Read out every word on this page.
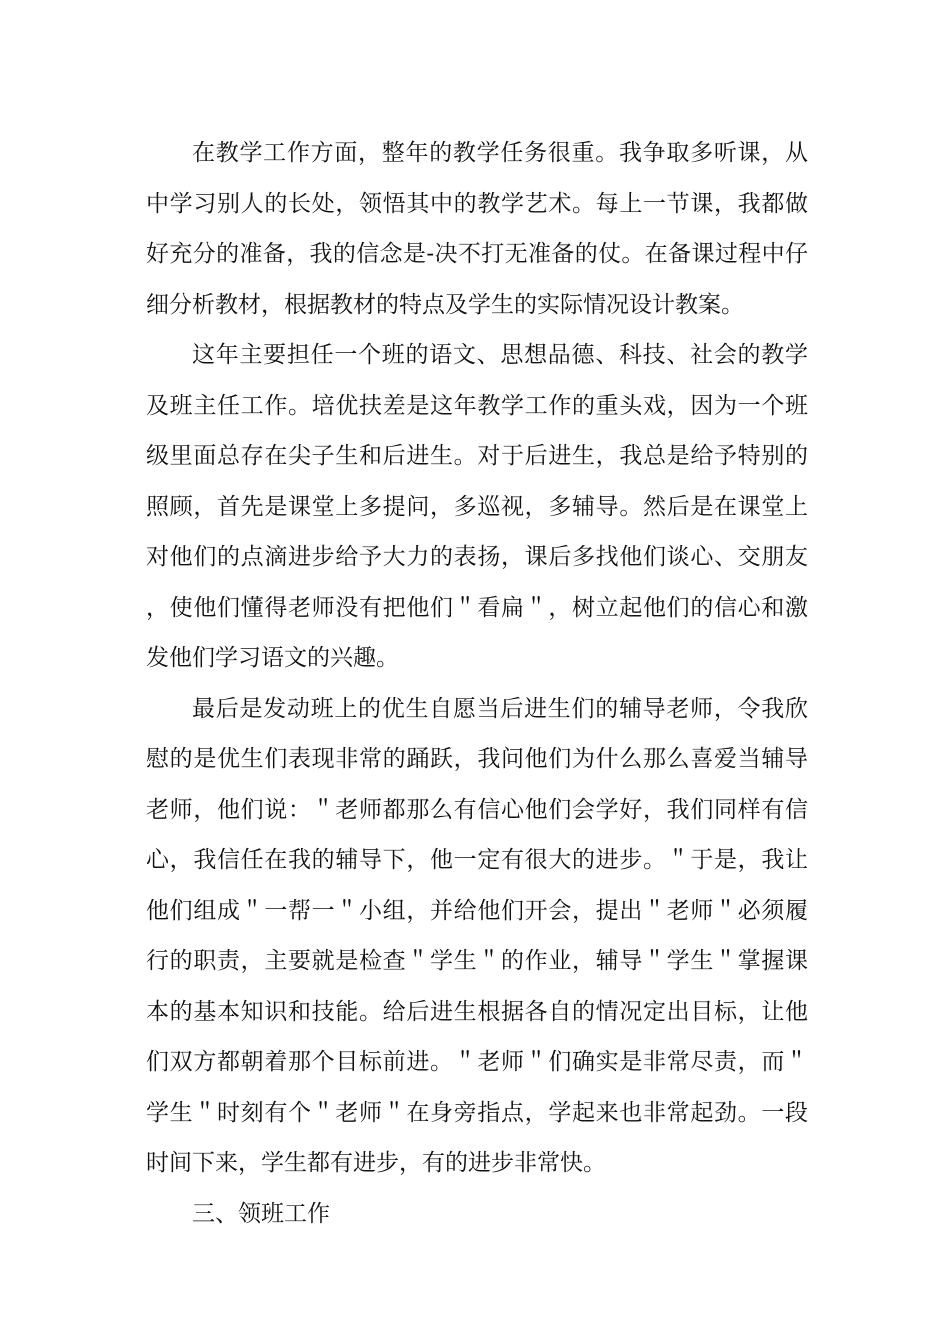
在教学工作方面，整年的教学任务很重。我争取多听课，从中学习别人的长处，领悟其中的教学艺术。每上一节课，我都做好充分的准备，我的信念是-决不打无准备的仗。在备课过程中仔细分析教材，根据教材的特点及学生的实际情况设计教案。

这年主要担任一个班的语文、思想品德、科技、社会的教学及班主任工作。培优扶差是这年教学工作的重头戏，因为一个班级里面总存在尖子生和后进生。对于后进生，我总是给予特别的照顾，首先是课堂上多提问，多巡视，多辅导。然后是在课堂上对他们的点滴进步给予大力的表扬，课后多找他们谈心、交朋友，使他们懂得老师没有把他们＂看扁＂，树立起他们的信心和激发他们学习语文的兴趣。

最后是发动班上的优生自愿当后进生们的辅导老师，令我欣慰的是优生们表现非常的踊跃，我问他们为什么那么喜爱当辅导老师，他们说：＂老师都那么有信心他们会学好，我们同样有信心，我信任在我的辅导下，他一定有很大的进步。＂于是，我让他们组成＂一帮一＂小组，并给他们开会，提出＂老师＂必须履行的职责，主要就是检查＂学生＂的作业，辅导＂学生＂掌握课本的基本知识和技能。给后进生根据各自的情况定出目标，让他们双方都朝着那个目标前进。＂老师＂们确实是非常尽责，而＂学生＂时刻有个＂老师＂在身旁指点，学起来也非常起劲。一段时间下来，学生都有进步，有的进步非常快。

三、领班工作
